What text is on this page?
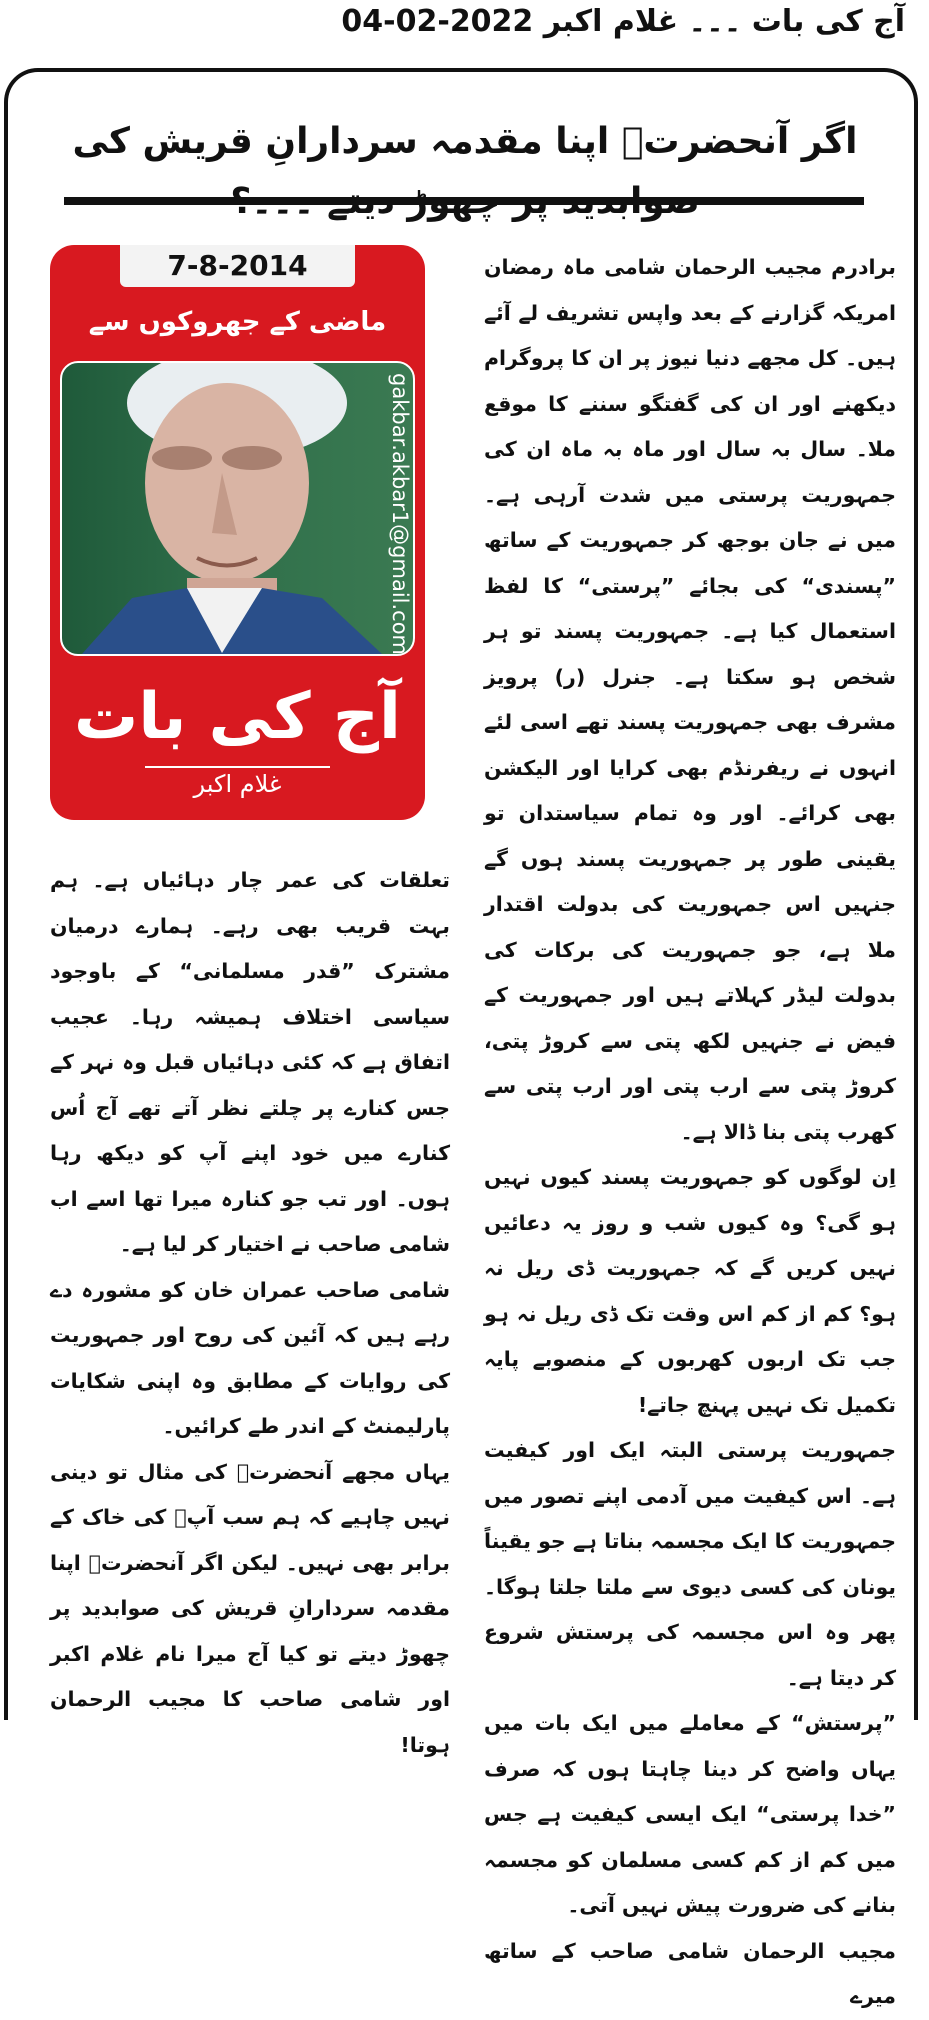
آج کی بات ۔۔۔ غلام اکبر 2022-02-04
اگر آنحضرتؐ اپنا مقدمہ سردارانِ قریش کی
7-8-2014
ماضی کے جھروکوں سے
gakbar.akbar1@gmail.com
آج کی بات
غلام اکبر

برادرم مجیب الرحمان شامی ماہ رمضان امریکہ گزارنے کے بعد واپس تشریف لے آئے ہیں۔ کل مجھے دنیا نیوز پر ان کا پروگرام دیکھنے اور ان کی گفتگو سننے کا موقع ملا۔ سال بہ سال اور ماہ بہ ماہ ان کی جمہوریت پرستی میں شدت آرہی ہے۔ میں نے جان بوجھ کر جمہوریت کے ساتھ ”پسندی“ کی بجائے ”پرستی“ کا لفظ استعمال کیا ہے۔ جمہوریت پسند تو ہر شخص ہو سکتا ہے۔ جنرل (ر) پرویز مشرف بھی جمہوریت پسند تھے اسی لئے انہوں نے ریفرنڈم بھی کرایا اور الیکشن بھی کرائے۔ اور وہ تمام سیاستدان تو یقینی طور پر جمہوریت پسند ہوں گے جنہیں اس جمہوریت کی بدولت اقتدار ملا ہے، جو جمہوریت کی برکات کی بدولت لیڈر کہلاتے ہیں اور جمہوریت کے فیض نے جنہیں لکھ پتی سے کروڑ پتی، کروڑ پتی سے ارب پتی اور ارب پتی سے کھرب پتی بنا ڈالا ہے۔

اِن لوگوں کو جمہوریت پسند کیوں نہیں ہو گی؟ وہ کیوں شب و روز یہ دعائیں نہیں کریں گے کہ جمہوریت ڈی ریل نہ ہو؟ کم از کم اس وقت تک ڈی ریل نہ ہو جب تک اربوں کھربوں کے منصوبے پایہ تکمیل تک نہیں پہنچ جاتے!

جمہوریت پرستی البتہ ایک اور کیفیت ہے۔ اس کیفیت میں آدمی اپنے تصور میں جمہوریت کا ایک مجسمہ بناتا ہے جو یقیناً یونان کی کسی دیوی سے ملتا جلتا ہوگا۔ پھر وہ اس مجسمہ کی پرستش شروع کر دیتا ہے۔

”پرستش“ کے معاملے میں ایک بات میں یہاں واضح کر دینا چاہتا ہوں کہ صرف ”خدا پرستی“ ایک ایسی کیفیت ہے جس میں کم از کم کسی مسلمان کو مجسمہ بنانے کی ضرورت پیش نہیں آتی۔

مجیب الرحمان شامی صاحب کے ساتھ میرے

تعلقات کی عمر چار دہائیاں ہے۔ ہم بہت قریب بھی رہے۔ ہمارے درمیان مشترک ”قدر مسلمانی“ کے باوجود سیاسی اختلاف ہمیشہ رہا۔ عجیب اتفاق ہے کہ کئی دہائیاں قبل وہ نہر کے جس کنارے پر چلتے نظر آتے تھے آج اُس کنارے میں خود اپنے آپ کو دیکھ رہا ہوں۔ اور تب جو کنارہ میرا تھا اسے اب شامی صاحب نے اختیار کر لیا ہے۔

شامی صاحب عمران خان کو مشورہ دے رہے ہیں کہ آئین کی روح اور جمہوریت کی روایات کے مطابق وہ اپنی شکایات پارلیمنٹ کے اندر طے کرائیں۔

یہاں مجھے آنحضرتؐ کی مثال تو دینی نہیں چاہیے کہ ہم سب آپؐ کی خاک کے برابر بھی نہیں۔ لیکن اگر آنحضرتؐ اپنا مقدمہ سردارانِ قریش کی صوابدید پر چھوڑ دیتے تو کیا آج میرا نام غلام اکبر اور شامی صاحب کا مجیب الرحمان ہوتا!
